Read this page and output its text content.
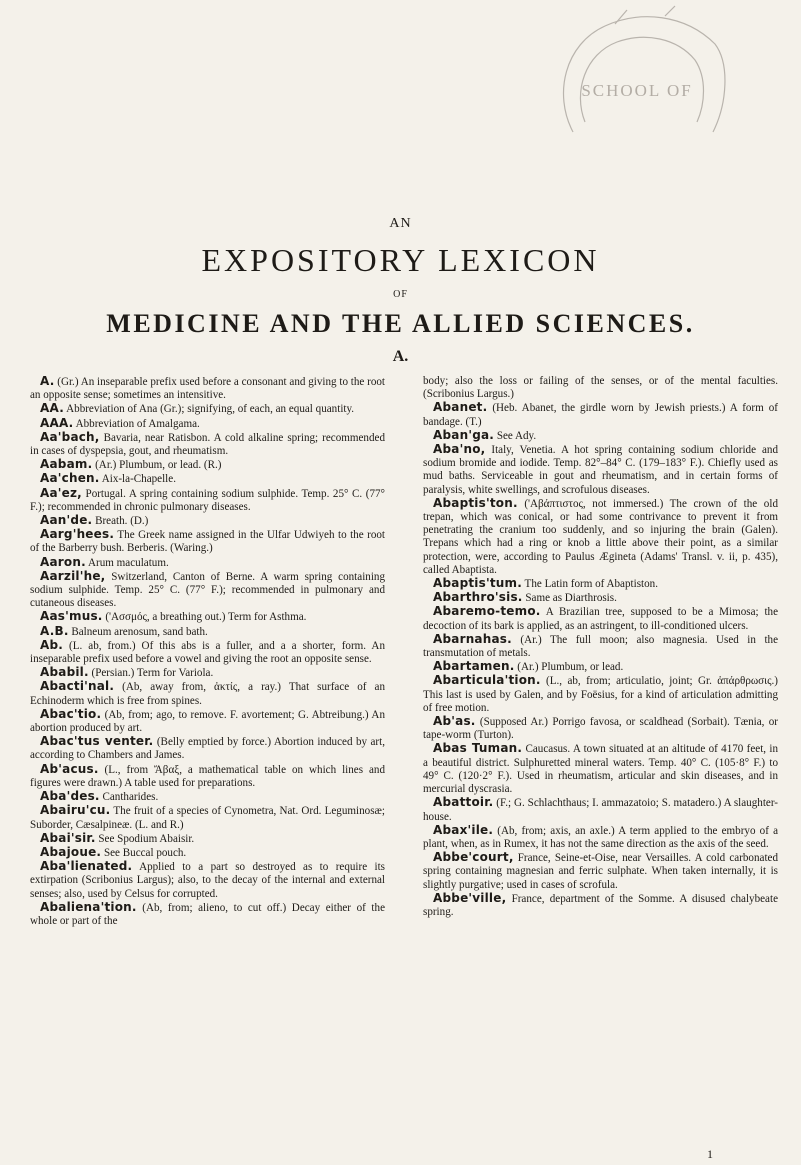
SCHOOL OF
AN
EXPOSITORY LEXICON
OF
MEDICINE AND THE ALLIED SCIENCES.
A.

A. (Gr.) An inseparable prefix used before a consonant and giving to the root an opposite sense; sometimes an intensitive.

AA. Abbreviation of Ana (Gr.); signifying, of each, an equal quantity.

AAA. Abbreviation of Amalgama.

Aa'bach, Bavaria, near Ratisbon. A cold alkaline spring; recommended in cases of dyspepsia, gout, and rheumatism.

Aabam. (Ar.) Plumbum, or lead. (R.)

Aa'chen. Aix-la-Chapelle.

Aa'ez, Portugal. A spring containing sodium sulphide. Temp. 25° C. (77° F.); recommended in chronic pulmonary diseases.

Aan'de. Breath. (D.)

Aarg'hees. The Greek name assigned in the Ulfar Udwiyeh to the root of the Barberry bush. Berberis. (Waring.)

Aaron. Arum maculatum.

Aarzil'he, Switzerland, Canton of Berne. A warm spring containing sodium sulphide. Temp. 25° C. (77° F.); recommended in pulmonary and cutaneous diseases.

Aas'mus. ('Ασσμός, a breathing out.) Term for Asthma.

A.B. Balneum arenosum, sand bath.

Ab. (L. ab, from.) Of this abs is a fuller, and a a shorter, form. An inseparable prefix used before a vowel and giving the root an opposite sense.

Ababil. (Persian.) Term for Variola.

Abacti'nal. (Ab, away from, ἀκτίς, a ray.) That surface of an Echinoderm which is free from spines.

Abac'tio. (Ab, from; ago, to remove. F. avortement; G. Abtreibung.) An abortion produced by art.

Abac'tus venter. (Belly emptied by force.) Abortion induced by art, according to Chambers and James.

Ab'acus. (L., from Ἄβαξ, a mathematical table on which lines and figures were drawn.) A table used for preparations.

Aba'des. Cantharides.

Abairu'cu. The fruit of a species of Cynometra, Nat. Ord. Leguminosæ; Suborder, Cæsalpineæ. (L. and R.)

Abai'sir. See Spodium Abaisir.

Abajoue. See Buccal pouch.

Aba'lienated. Applied to a part so destroyed as to require its extirpation (Scribonius Largus); also, to the decay of the internal and external senses; also, used by Celsus for corrupted.

Abaliena'tion. (Ab, from; alieno, to cut off.) Decay either of the whole or part of the

body; also the loss or failing of the senses, or of the mental faculties. (Scribonius Largus.)

Abanet. (Heb. Abanet, the girdle worn by Jewish priests.) A form of bandage. (T.)

Aban'ga. See Ady.

Aba'no, Italy, Venetia. A hot spring containing sodium chloride and sodium bromide and iodide. Temp. 82°–84° C. (179–183° F.). Chiefly used as mud baths. Serviceable in gout and rheumatism, and in certain forms of paralysis, white swellings, and scrofulous diseases.

Abaptis'ton. ('Αβάπτιστος, not immersed.) The crown of the old trepan, which was conical, or had some contrivance to prevent it from penetrating the cranium too suddenly, and so injuring the brain (Galen). Trepans which had a ring or knob a little above their point, as a similar protection, were, according to Paulus Ægineta (Adams' Transl. v. ii, p. 435), called Abaptista.

Abaptis'tum. The Latin form of Abaptiston.

Abarthro'sis. Same as Diarthrosis.

Abaremo-temo. A Brazilian tree, supposed to be a Mimosa; the decoction of its bark is applied, as an astringent, to ill-conditioned ulcers.

Abarnahas. (Ar.) The full moon; also magnesia. Used in the transmutation of metals.

Abartamen. (Ar.) Plumbum, or lead.

Abarticula'tion. (L., ab, from; articulatio, joint; Gr. ἀπάρθρωσις.) This last is used by Galen, and by Foësius, for a kind of articulation admitting of free motion.

Ab'as. (Supposed Ar.) Porrigo favosa, or scaldhead (Sorbait). Tænia, or tape-worm (Turton).

Abas Tuman. Caucasus. A town situated at an altitude of 4170 feet, in a beautiful district. Sulphuretted mineral waters. Temp. 40° C. (105·8° F.) to 49° C. (120·2° F.). Used in rheumatism, articular and skin diseases, and in mercurial dyscrasia.

Abattoir. (F.; G. Schlachthaus; I. ammazatoio; S. matadero.) A slaughter-house.

Abax'ile. (Ab, from; axis, an axle.) A term applied to the embryo of a plant, when, as in Rumex, it has not the same direction as the axis of the seed.

Abbe'court, France, Seine-et-Oise, near Versailles. A cold carbonated spring containing magnesian and ferric sulphate. When taken internally, it is slightly purgative; used in cases of scrofula.

Abbe'ville, France, department of the Somme. A disused chalybeate spring.

1
